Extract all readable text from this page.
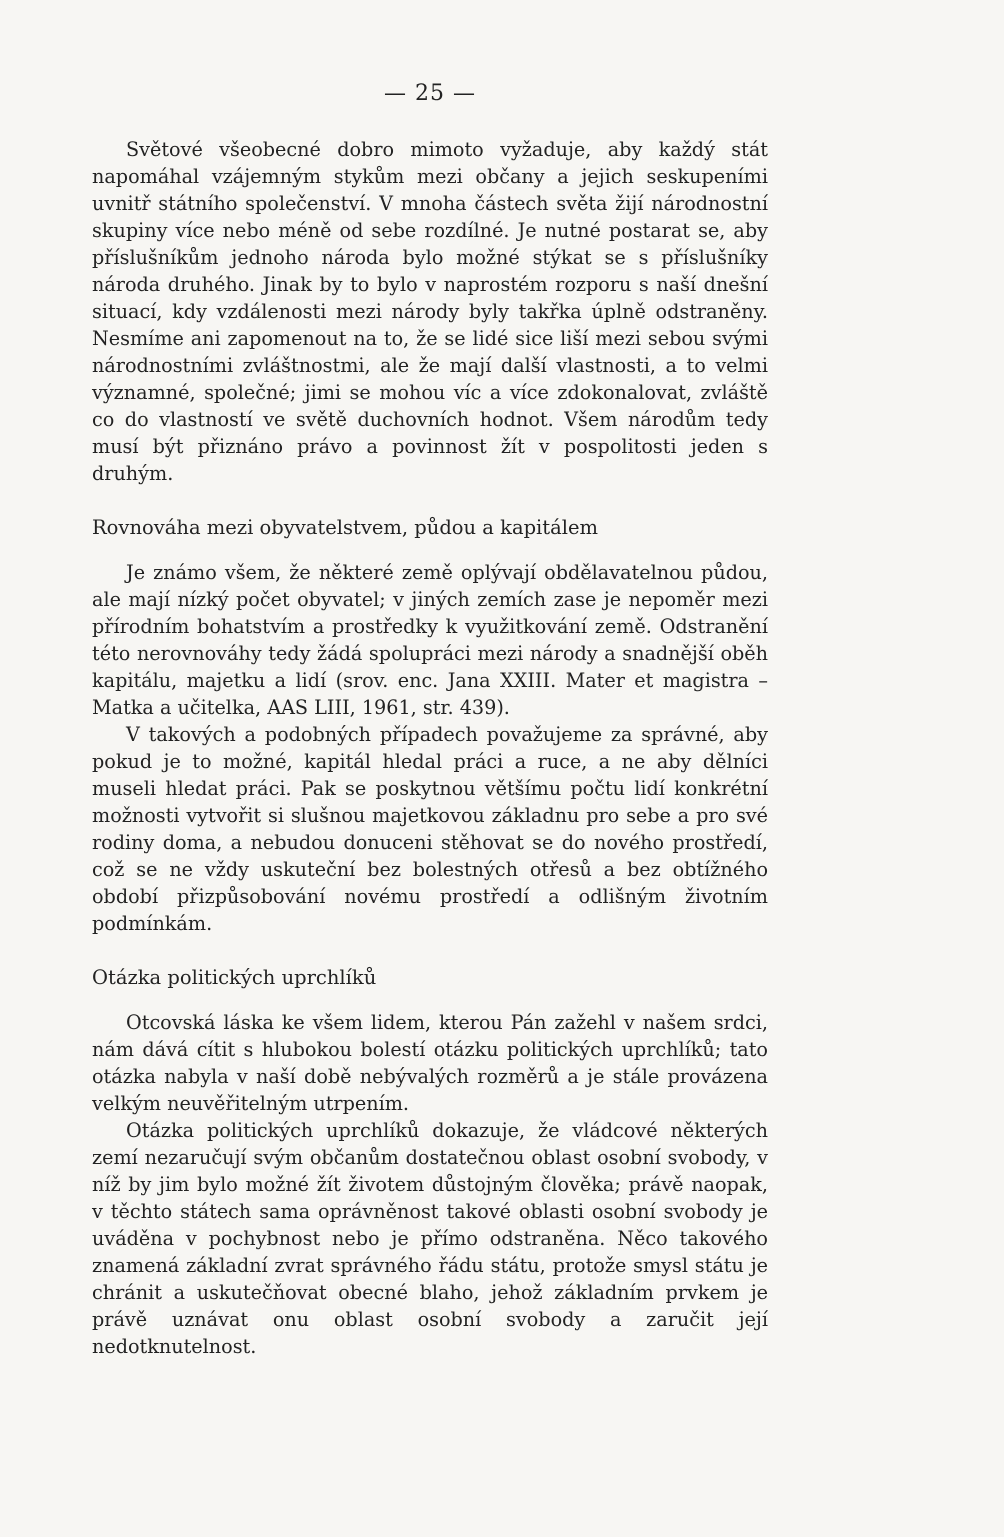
— 25 —

Světové všeobecné dobro mimoto vyžaduje, aby každý stát napomáhal vzájemným stykům mezi občany a jejich seskupeními uvnitř státního společenství. V mnoha částech světa žijí národnostní skupiny více nebo méně od sebe rozdílné. Je nutné postarat se, aby příslušníkům jednoho národa bylo možné stýkat se s příslušníky národa druhého. Jinak by to bylo v naprostém rozporu s naší dnešní situací, kdy vzdálenosti mezi národy byly takřka úplně odstraněny. Nesmíme ani zapomenout na to, že se lidé sice liší mezi sebou svými národnostními zvláštnostmi, ale že mají další vlastnosti, a to velmi významné, společné; jimi se mohou víc a více zdokonalovat, zvláště co do vlastností ve světě duchovních hodnot. Všem národům tedy musí být přiznáno právo a povinnost žít v pospolitosti jeden s druhým.

Rovnováha mezi obyvatelstvem, půdou a kapitálem

Je známo všem, že některé země oplývají obdělavatelnou půdou, ale mají nízký počet obyvatel; v jiných zemích zase je nepoměr mezi přírodním bohatstvím a prostředky k využitkování země. Odstranění této nerovnováhy tedy žádá spolupráci mezi národy a snadnější oběh kapitálu, majetku a lidí (srov. enc. Jana XXIII. Mater et magistra – Matka a učitelka, AAS LIII, 1961, str. 439).

V takových a podobných případech považujeme za správné, aby pokud je to možné, kapitál hledal práci a ruce, a ne aby dělníci museli hledat práci. Pak se poskytnou většímu počtu lidí konkrétní možnosti vytvořit si slušnou majetkovou základnu pro sebe a pro své rodiny doma, a nebudou donuceni stěhovat se do nového prostředí, což se ne vždy uskuteční bez bolestných otřesů a bez obtížného období přizpůsobování novému prostředí a odlišným životním podmínkám.

Otázka politických uprchlíků

Otcovská láska ke všem lidem, kterou Pán zažehl v našem srdci, nám dává cítit s hlubokou bolestí otázku politických uprchlíků; tato otázka nabyla v naší době nebývalých rozměrů a je stále provázena velkým neuvěřitelným utrpením.

Otázka politických uprchlíků dokazuje, že vládcové některých zemí nezaručují svým občanům dostatečnou oblast osobní svobody, v níž by jim bylo možné žít životem důstojným člověka; právě naopak, v těchto státech sama oprávněnost takové oblasti osobní svobody je uváděna v pochybnost nebo je přímo odstraněna. Něco takového znamená základní zvrat správného řádu státu, protože smysl státu je chránit a uskutečňovat obecné blaho, jehož základním prvkem je právě uznávat onu oblast osobní svobody a zaručit její nedotknutelnost.
